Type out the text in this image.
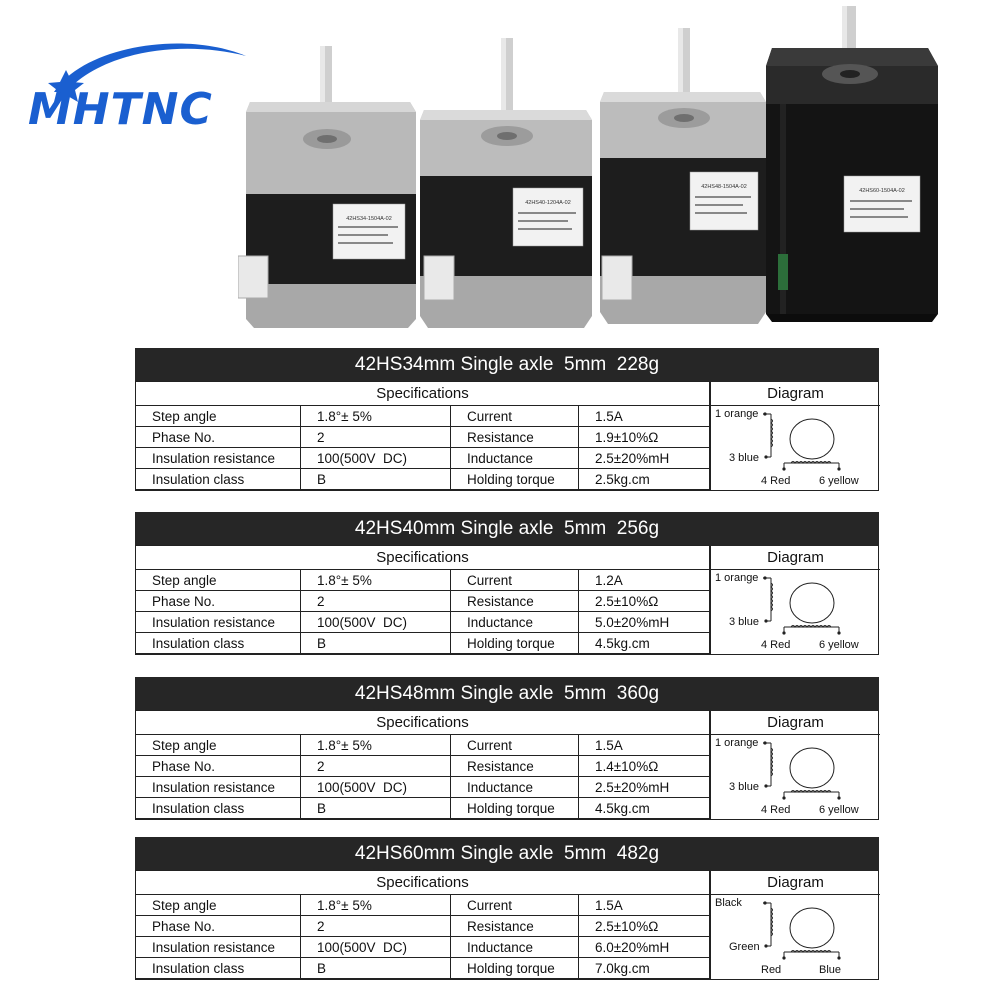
MHTNC
42HS34-1504A-02
42HS40-1204A-02
42HS48-1504A-02
42HS60-1504A-02
42HS34mm Single axle  5mm  228g
Specifications			
Step angle	1.8°± 5%	Current	1.5A
Phase No.	2	Resistance	1.9±10%Ω
Insulation resistance	100(500V  DC)	Inductance	2.5±20%mH
Insulation class	B	Holding torque	2.5kg.cm
Diagram
1 orange
3 blue
4 Red	6 yellow
42HS40mm Single axle  5mm  256g
Specifications			
Step angle	1.8°± 5%	Current	1.2A
Phase No.	2	Resistance	2.5±10%Ω
Insulation resistance	100(500V  DC)	Inductance	5.0±20%mH
Insulation class	B	Holding torque	4.5kg.cm
Diagram
1 orange
3 blue
4 Red	6 yellow
42HS48mm Single axle  5mm  360g
Specifications			
Step angle	1.8°± 5%	Current	1.5A
Phase No.	2	Resistance	1.4±10%Ω
Insulation resistance	100(500V  DC)	Inductance	2.5±20%mH
Insulation class	B	Holding torque	4.5kg.cm
Diagram
1 orange
3 blue
4 Red	6 yellow
42HS60mm Single axle  5mm  482g
Specifications			
Step angle	1.8°± 5%	Current	1.5A
Phase No.	2	Resistance	2.5±10%Ω
Insulation resistance	100(500V  DC)	Inductance	6.0±20%mH
Insulation class	B	Holding torque	7.0kg.cm
Diagram
Black
Green
Red	Blue
